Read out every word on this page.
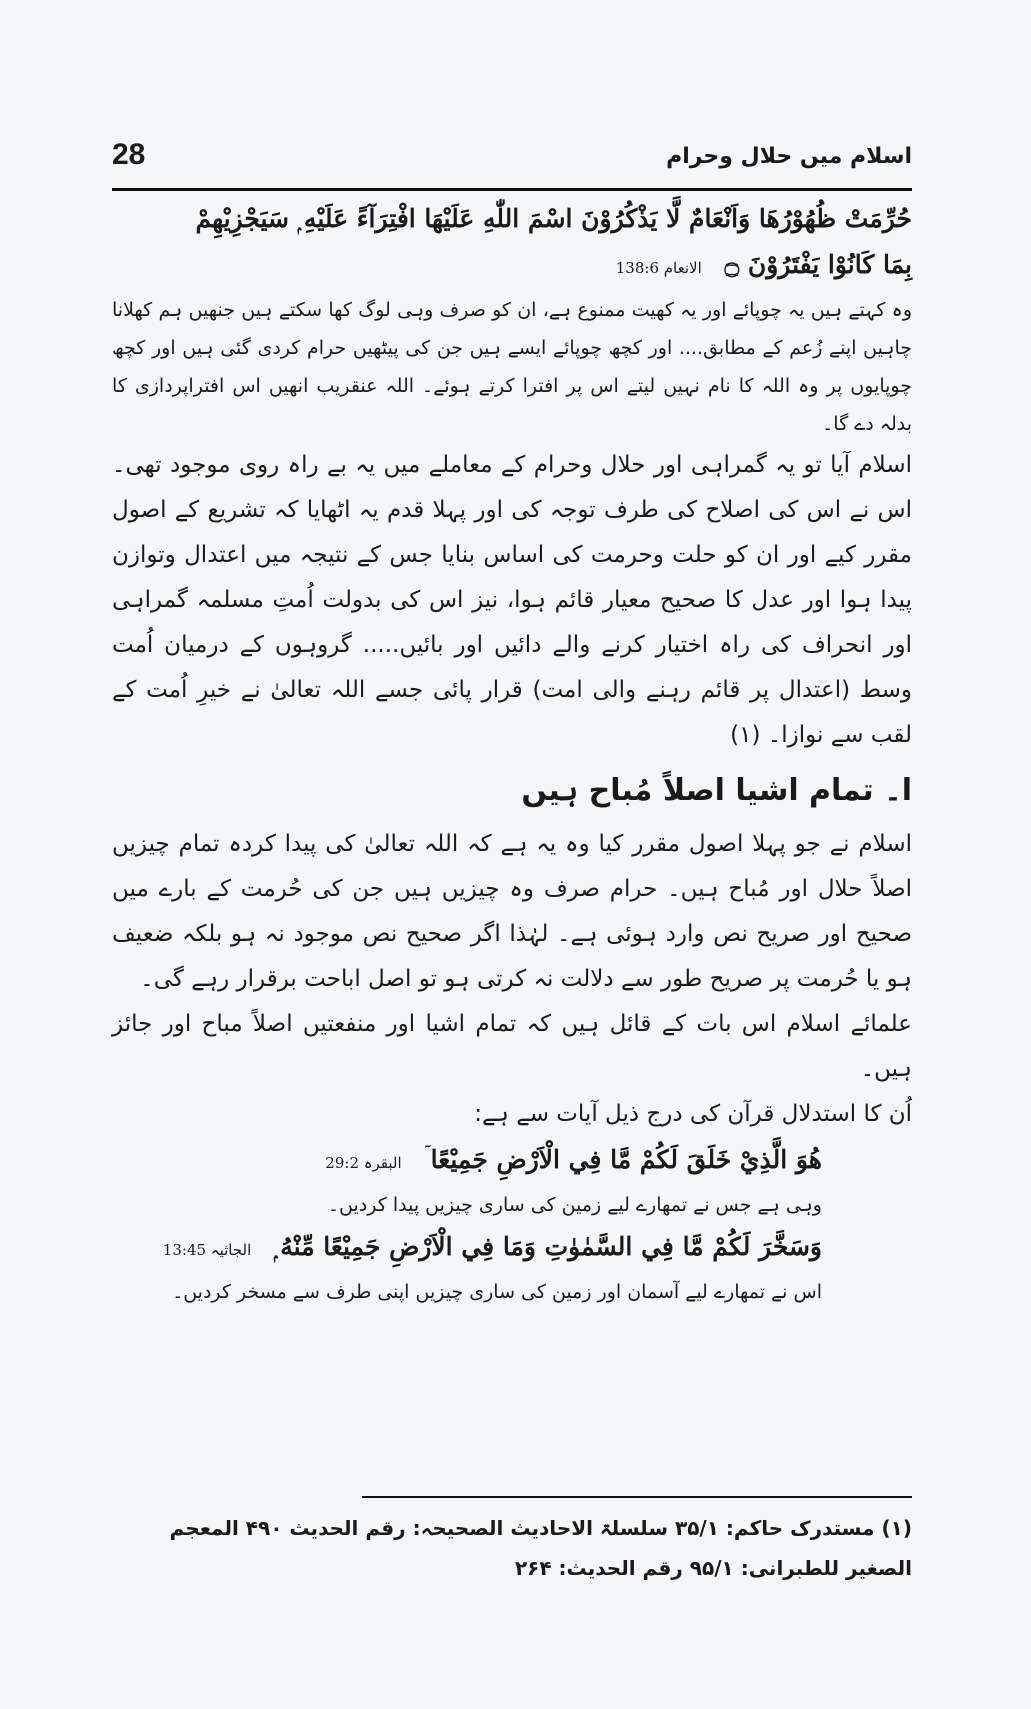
28	اسلام میں حلال وحرام

حُرِّمَتْ ظُهُوْرُهَا وَاَنْعَامٌ لَّا يَذْكُرُوْنَ اسْمَ اللّٰهِ عَلَيْهَا افْتِرَآءً عَلَيْهِ ۭ سَيَجْزِيْهِمْ

بِمَا كَانُوْا يَفْتَرُوْنَ ۝ الانعام 138:6

وہ کہتے ہیں یہ چوپائے اور یہ کھیت ممنوع ہے، ان کو صرف وہی لوگ کھا سکتے ہیں جنھیں ہم کھلانا چاہیں اپنے زُعم کے مطابق.... اور کچھ چوپائے ایسے ہیں جن کی پیٹھیں حرام کردی گئی ہیں اور کچھ چوپایوں پر وہ اللہ کا نام نہیں لیتے اس پر افترا کرتے ہوئے۔ اللہ عنقریب انھیں اس افتراپردازی کا بدلہ دے گا۔

اسلام آیا تو یہ گمراہی اور حلال وحرام کے معاملے میں یہ بے راہ روی موجود تھی۔ اس نے اس کی اصلاح کی طرف توجہ کی اور پہلا قدم یہ اٹھایا کہ تشریع کے اصول مقرر کیے اور ان کو حلت وحرمت کی اساس بنایا جس کے نتیجہ میں اعتدال وتوازن پیدا ہوا اور عدل کا صحیح معیار قائم ہوا، نیز اس کی بدولت اُمتِ مسلمہ گمراہی اور انحراف کی راہ اختیار کرنے والے دائیں اور بائیں..... گروہوں کے درمیان اُمت وسط (اعتدال پر قائم رہنے والی امت) قرار پائی جسے اللہ تعالیٰ نے خیرِ اُمت کے لقب سے نوازا۔ (۱)

ا۔ تمام اشیا اصلاً مُباح ہیں

اسلام نے جو پہلا اصول مقرر کیا وہ یہ ہے کہ اللہ تعالیٰ کی پیدا کردہ تمام چیزیں اصلاً حلال اور مُباح ہیں۔ حرام صرف وہ چیزیں ہیں جن کی حُرمت کے بارے میں صحیح اور صریح نص وارد ہوئی ہے۔ لہٰذا اگر صحیح نص موجود نہ ہو بلکہ ضعیف ہو یا حُرمت پر صریح طور سے دلالت نہ کرتی ہو تو اصل اباحت برقرار رہے گی۔

علمائے اسلام اس بات کے قائل ہیں کہ تمام اشیا اور منفعتیں اصلاً مباح اور جائز ہیں۔

اُن کا استدلال قرآن کی درج ذیل آیات سے ہے:

هُوَ الَّذِيْ خَلَقَ لَكُمْ مَّا فِي الْاَرْضِ جَمِيْعًا ۤ البقرہ 29:2

وہی ہے جس نے تمھارے لیے زمین کی ساری چیزیں پیدا کردیں۔

وَسَخَّرَ لَكُمْ مَّا فِي السَّمٰوٰتِ وَمَا فِي الْاَرْضِ جَمِيْعًا مِّنْهُ ۭ الجاثیہ 13:45

اس نے تمھارے لیے آسمان اور زمین کی ساری چیزیں اپنی طرف سے مسخر کردیں۔

(۱) مستدرک حاکم: ۳۵/۱ سلسلۃ الاحادیث الصحیحہ: رقم الحدیث ۴۹۰ المعجم الصغیر للطبرانی: ۹۵/۱ رقم الحدیث: ۲۶۴
